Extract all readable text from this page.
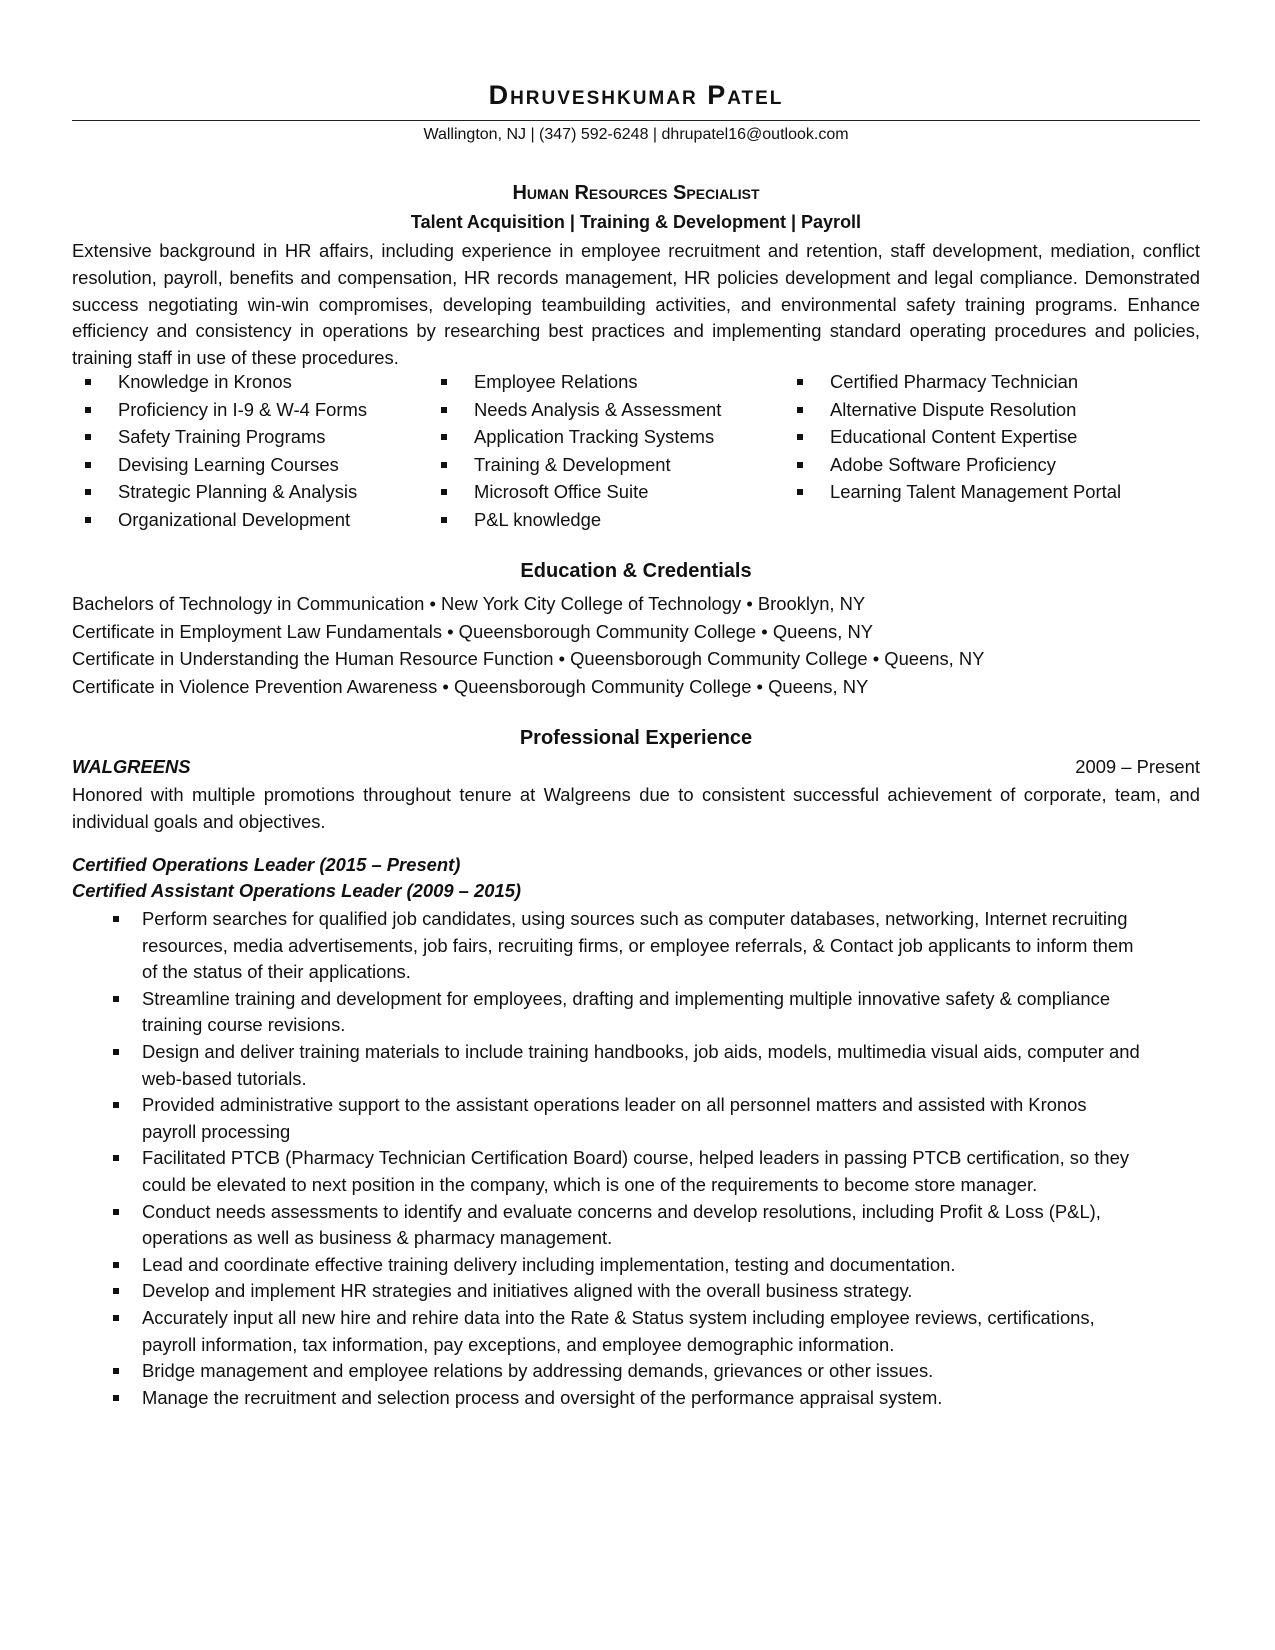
Dhruveshkumar Patel
Wallington, NJ | (347) 592-6248 | dhrupatel16@outlook.com
Human Resources Specialist
Talent Acquisition | Training & Development | Payroll

Extensive background in HR affairs, including experience in employee recruitment and retention, staff development, mediation, conflict resolution, payroll, benefits and compensation, HR records management, HR policies development and legal compliance. Demonstrated success negotiating win-win compromises, developing teambuilding activities, and environmental safety training programs. Enhance efficiency and consistency in operations by researching best practices and implementing standard operating procedures and policies, training staff in use of these procedures.

Knowledge in Kronos
Proficiency in I-9 & W-4 Forms
Safety Training Programs
Devising Learning Courses
Strategic Planning & Analysis
Organizational Development
Employee Relations
Needs Analysis & Assessment
Application Tracking Systems
Training & Development
Microsoft Office Suite
P&L knowledge
Certified Pharmacy Technician
Alternative Dispute Resolution
Educational Content Expertise
Adobe Software Proficiency
Learning Talent Management Portal
Education & Credentials
Bachelors of Technology in Communication • New York City College of Technology • Brooklyn, NY
Certificate in Employment Law Fundamentals • Queensborough Community College • Queens, NY
Certificate in Understanding the Human Resource Function • Queensborough Community College • Queens, NY
Certificate in Violence Prevention Awareness • Queensborough Community College • Queens, NY
Professional Experience
WALGREENS	2009 – Present

Honored with multiple promotions throughout tenure at Walgreens due to consistent successful achievement of corporate, team, and individual goals and objectives.

Certified Operations Leader (2015 – Present)
Certified Assistant Operations Leader (2009 – 2015)
Perform searches for qualified job candidates, using sources such as computer databases, networking, Internet recruiting resources, media advertisements, job fairs, recruiting firms, or employee referrals, & Contact job applicants to inform them of the status of their applications.
Streamline training and development for employees, drafting and implementing multiple innovative safety & compliance training course revisions.
Design and deliver training materials to include training handbooks, job aids, models, multimedia visual aids, computer and web-based tutorials.
Provided administrative support to the assistant operations leader on all personnel matters and assisted with Kronos payroll processing
Facilitated PTCB (Pharmacy Technician Certification Board) course, helped leaders in passing PTCB certification, so they could be elevated to next position in the company, which is one of the requirements to become store manager.
Conduct needs assessments to identify and evaluate concerns and develop resolutions, including Profit & Loss (P&L), operations as well as business & pharmacy management.
Lead and coordinate effective training delivery including implementation, testing and documentation.
Develop and implement HR strategies and initiatives aligned with the overall business strategy.
Accurately input all new hire and rehire data into the Rate & Status system including employee reviews, certifications, payroll information, tax information, pay exceptions, and employee demographic information.
Bridge management and employee relations by addressing demands, grievances or other issues.
Manage the recruitment and selection process and oversight of the performance appraisal system.
